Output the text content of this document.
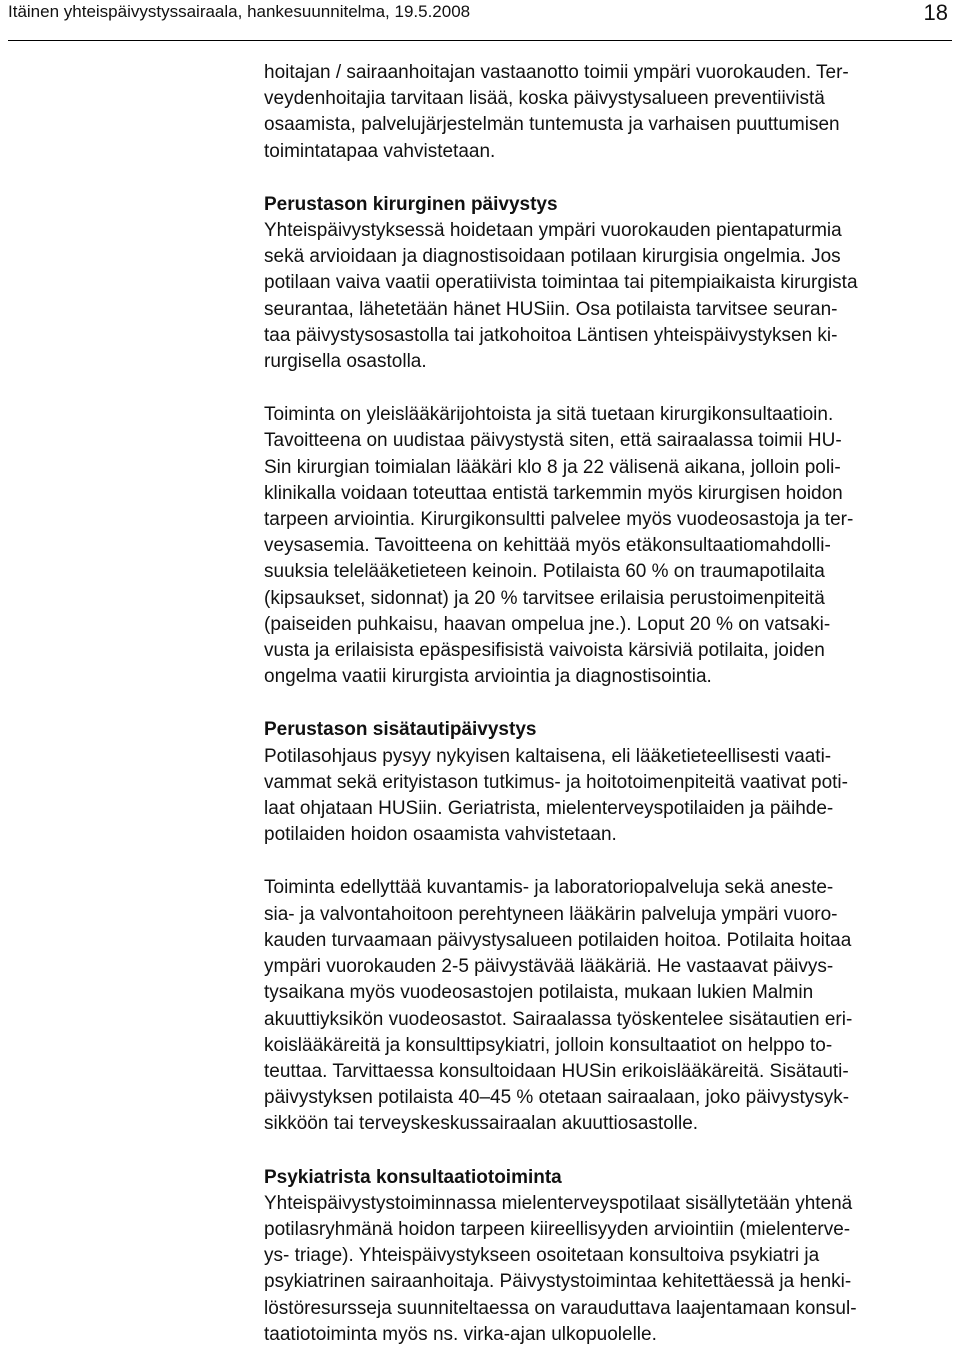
Itäinen yhteispäivystyssairaala, hankesuunnitelma, 19.5.2008	18
hoitajan / sairaanhoitajan vastaanotto toimii ympäri vuorokauden. Ter-
veydenhoitajia tarvitaan lisää, koska päivystysalueen preventiivistä
osaamista, palvelujärjestelmän tuntemusta ja varhaisen puuttumisen
toimintatapaa vahvistetaan.
Perustason kirurginen päivystys
Yhteispäivystyksessä hoidetaan ympäri vuorokauden pientapaturmia
sekä arvioidaan ja diagnostisoidaan potilaan kirurgisia ongelmia. Jos
potilaan vaiva vaatii operatiivista toimintaa tai pitempiaikaista kirurgista
seurantaa, lähetetään hänet HUSiin. Osa potilaista tarvitsee seuran-
taa päivystysosastolla tai jatkohoitoa Läntisen yhteispäivystyksen ki-
rurgisella osastolla.
Toiminta on yleislääkärijohtoista ja sitä tuetaan kirurgikonsultaatioin.
Tavoitteena on uudistaa päivystystä siten, että sairaalassa toimii HU-
Sin kirurgian toimialan lääkäri klo 8 ja 22 välisenä aikana, jolloin poli-
klinikalla voidaan toteuttaa entistä tarkemmin myös kirurgisen hoidon
tarpeen arviointia. Kirurgikonsultti palvelee myös vuodeosastoja ja ter-
veysasemia. Tavoitteena on kehittää myös etäkonsultaatiomahdolli-
suuksia telelääketieteen keinoin. Potilaista 60 % on traumapotilaita
(kipsaukset, sidonnat) ja 20 % tarvitsee erilaisia perustoimenpiteitä
(paiseiden puhkaisu, haavan ompelua jne.). Loput 20 % on vatsaki-
vusta ja erilaisista epäspesifisistä vaivoista kärsiviä potilaita, joiden
ongelma vaatii kirurgista arviointia ja diagnostisointia.
Perustason sisätautipäivystys
Potilasohjaus pysyy nykyisen kaltaisena, eli lääketieteellisesti vaati-
vammat sekä erityistason tutkimus- ja hoitotoimenpiteitä vaativat poti-
laat ohjataan HUSiin. Geriatrista, mielenterveyspotilaiden ja päihde-
potilaiden hoidon osaamista vahvistetaan.
Toiminta edellyttää kuvantamis- ja laboratoriopalveluja sekä aneste-
sia- ja valvontahoitoon perehtyneen lääkärin palveluja ympäri vuoro-
kauden turvaamaan päivystysalueen potilaiden hoitoa. Potilaita hoitaa
ympäri vuorokauden 2-5 päivystävää lääkäriä. He vastaavat päivys-
tysaikana myös vuodeosastojen potilaista, mukaan lukien Malmin
akuuttiyksikön vuodeosastot. Sairaalassa työskentelee sisätautien eri-
koislääkäreitä ja konsulttipsykiatri, jolloin konsultaatiot on helppo to-
teuttaa. Tarvittaessa konsultoidaan HUSin erikoislääkäreitä. Sisätauti-
päivystyksen potilaista 40–45 % otetaan sairaalaan, joko päivystysyk-
sikköön tai terveyskeskussairaalan akuuttiosastolle.
Psykiatrista konsultaatiotoiminta
Yhteispäivystystoiminnassa mielenterveyspotilaat sisällytetään yhtenä
potilasryhmänä hoidon tarpeen kiireellisyyden arviointiin (mielenterve-
ys- triage). Yhteispäivystykseen osoitetaan konsultoiva psykiatri ja
psykiatrinen sairaanhoitaja. Päivystystoimintaa kehitettäessä ja henki-
löstöresursseja suunniteltaessa on varauduttava laajentamaan konsul-
taatiotoiminta myös ns. virka-ajan ulkopuolelle.
